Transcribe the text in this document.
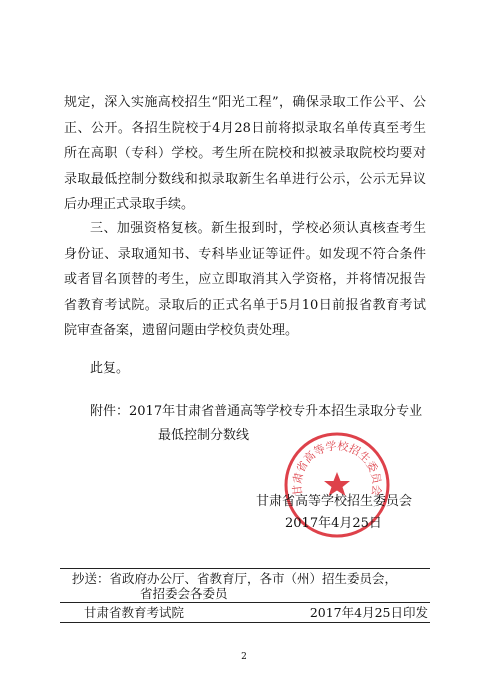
规定，深入实施高校招生“阳光工程”，确保录取工作公平、公正、公开。各招生院校于4月28日前将拟录取名单传真至考生所在高职（专科）学校。考生所在院校和拟被录取院校均要对录取最低控制分数线和拟录取新生名单进行公示，公示无异议后办理正式录取手续。

三、加强资格复核。新生报到时，学校必须认真核查考生身份证、录取通知书、专科毕业证等证件。如发现不符合条件或者冒名顶替的考生，应立即取消其入学资格，并将情况报告省教育考试院。录取后的正式名单于5月10日前报省教育考试院审查备案，遗留问题由学校负责处理。

此复。

附件：2017年甘肃省普通高等学校专升本招生录取分专业
最低控制分数线
甘肃省高等学校招生委员会
甘肃省高等学校招生委员会
2017年4月25日
抄送：省政府办公厅、省教育厅，各市（州）招生委员会，
省招委会各委员
甘肃省教育考试院	2017年4月25日印发
2
